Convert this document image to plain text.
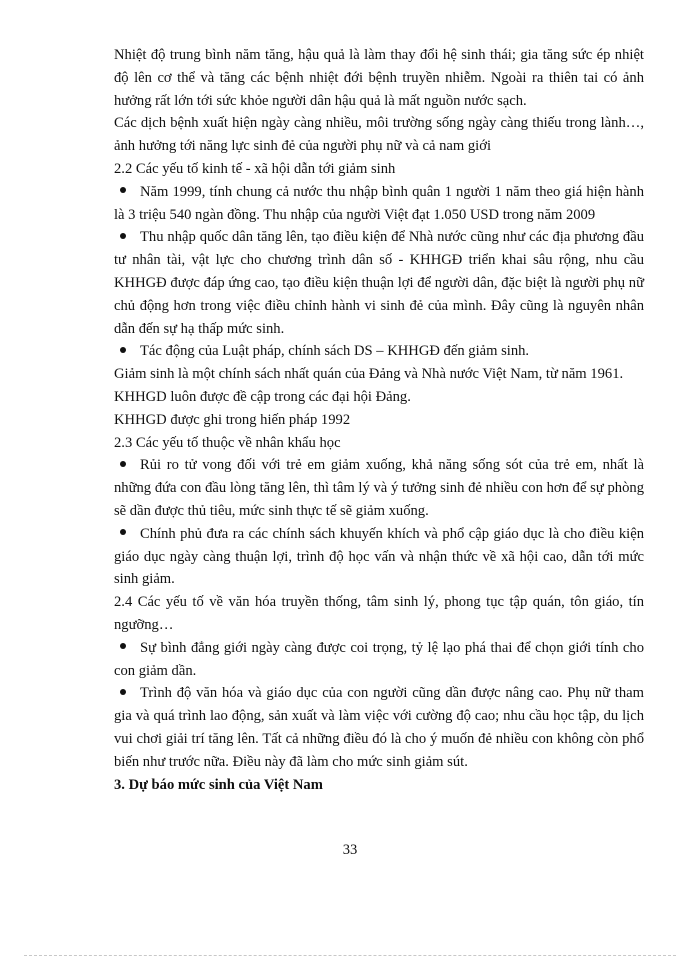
Nhiệt độ trung bình năm tăng, hậu quả là làm thay đổi hệ sinh thái; gia tăng sức ép nhiệt độ lên cơ thể và tăng các bệnh nhiệt đới bệnh truyền nhiễm. Ngoài ra thiên tai có ảnh hưởng rất lớn tới sức khỏe người dân hậu quả là mất nguồn nước sạch.

Các dịch bệnh xuất hiện ngày càng nhiều, môi trường sống ngày càng thiếu trong lành…, ảnh hưởng tới năng lực sinh đẻ của người phụ nữ và cả nam giới

2.2 Các yếu tố kinh tế - xã hội dẫn tới giảm sinh

Năm 1999, tính chung cả nước thu nhập bình quân 1 người 1 năm theo giá hiện hành là 3 triệu 540 ngàn đồng. Thu nhập của người Việt đạt 1.050 USD trong năm 2009

Thu nhập quốc dân tăng lên, tạo điều kiện để Nhà nước cũng như các địa phương đầu tư nhân tài, vật lực cho chương trình dân số - KHHGĐ triển khai sâu rộng, nhu cầu KHHGĐ được đáp ứng cao, tạo điều kiện thuận lợi để người dân, đặc biệt là người phụ nữ chủ động hơn trong việc điều chỉnh hành vi sinh đẻ của mình. Đây cũng là nguyên nhân dẫn đến sự hạ thấp mức sinh.

Tác động của Luật pháp, chính sách DS – KHHGĐ đến giảm sinh.

Giảm sinh là một chính sách nhất quán của Đảng và Nhà nước Việt Nam, từ năm 1961.

KHHGD luôn được đề cập trong các đại hội Đảng.

KHHGD được ghi trong hiến pháp 1992

2.3 Các yếu tố thuộc về nhân khẩu học

Rủi ro tử vong đối với trẻ em giảm xuống, khả năng sống sót của trẻ em, nhất là những đứa con đầu lòng tăng lên, thì tâm lý và ý tưởng sinh đẻ nhiều con hơn để sự phòng sẽ dần được thủ tiêu, mức sinh thực tế sẽ giảm xuống.

Chính phủ đưa ra các chính sách khuyến khích và phổ cập giáo dục là cho điều kiện giáo dục ngày càng thuận lợi, trình độ học vấn và nhận thức về xã hội cao, dẫn tới mức sinh giảm.

2.4 Các yếu tố về văn hóa truyền thống, tâm sinh lý, phong tục tập quán, tôn giáo, tín ngưỡng…

Sự bình đẳng giới ngày càng được coi trọng, tỷ lệ lạo phá thai để chọn giới tính cho con giảm dần.

Trình độ văn hóa và giáo dục của con người cũng dần được nâng cao. Phụ nữ tham gia và quá trình lao động, sản xuất và làm việc với cường độ cao; nhu cầu học tập, du lịch vui chơi giải trí tăng lên. Tất cả những điều đó là cho ý muốn đẻ nhiều con không còn phổ biến như trước nữa. Điều này đã làm cho mức sinh giảm sút.

3. Dự báo mức sinh của Việt Nam

33
